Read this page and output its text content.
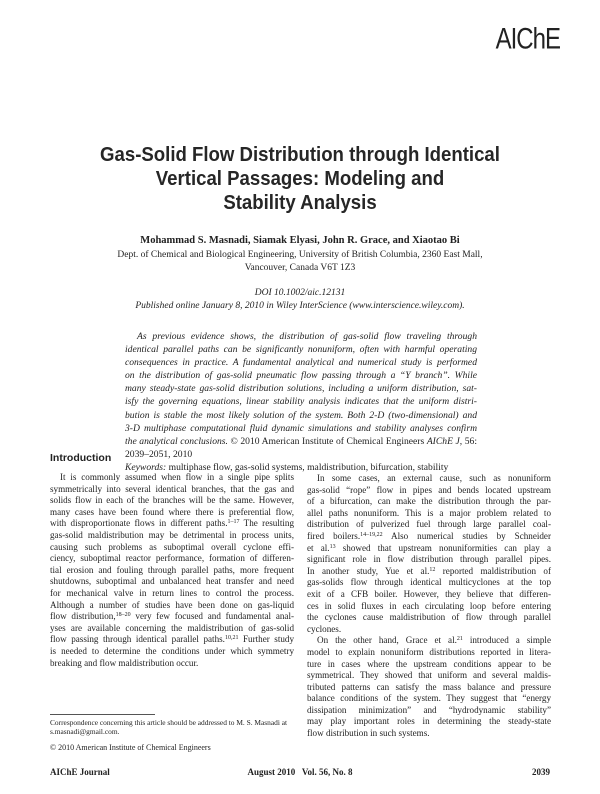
AIChE
Gas-Solid Flow Distribution through Identical
Vertical Passages: Modeling and
Stability Analysis
Mohammad S. Masnadi, Siamak Elyasi, John R. Grace, and Xiaotao Bi
Dept. of Chemical and Biological Engineering, University of British Columbia, 2360 East Mall,
Vancouver, Canada V6T 1Z3
DOI 10.1002/aic.12131
Published online January 8, 2010 in Wiley InterScience (www.interscience.wiley.com).
As previous evidence shows, the distribution of gas-solid flow traveling through
identical parallel paths can be significantly nonuniform, often with harmful operating
consequences in practice. A fundamental analytical and numerical study is performed
on the distribution of gas-solid pneumatic flow passing through a “Y branch”. While
many steady-state gas-solid distribution solutions, including a uniform distribution, sat-
isfy the governing equations, linear stability analysis indicates that the uniform distri-
bution is stable the most likely solution of the system. Both 2-D (two-dimensional) and
3-D multiphase computational fluid dynamic simulations and stability analyses confirm
the analytical conclusions. © 2010 American Institute of Chemical Engineers AIChE J, 56:
2039–2051, 2010
Keywords: multiphase flow, gas-solid systems, maldistribution, bifurcation, stability
Introduction
It is commonly assumed when flow in a single pipe splits
symmetrically into several identical branches, that the gas and
solids flow in each of the branches will be the same. However,
many cases have been found where there is preferential flow,
with disproportionate flows in different paths.$^{1-17}$ The resulting
gas-solid maldistribution may be detrimental in process units,
causing such problems as suboptimal overall cyclone effi-
ciency, suboptimal reactor performance, formation of differen-
tial erosion and fouling through parallel paths, more frequent
shutdowns, suboptimal and unbalanced heat transfer and need
for mechanical valve in return lines to control the process.
Although a number of studies have been done on gas-liquid
flow distribution,$^{18-20}$ very few focused and fundamental anal-
yses are available concerning the maldistribution of gas-solid
flow passing through identical parallel paths.$^{10,21}$ Further study
is needed to determine the conditions under which symmetry
breaking and flow maldistribution occur.
Correspondence concerning this article should be addressed to M. S. Masnadi at s.masnadi@gmail.com.
© 2010 American Institute of Chemical Engineers
In some cases, an external cause, such as nonuniform
gas-solid “rope” flow in pipes and bends located upstream
of a bifurcation, can make the distribution through the par-
allel paths nonuniform. This is a major problem related to
distribution of pulverized fuel through large parallel coal-
fired boilers.$^{14-19,22}$ Also numerical studies by Schneider
et al.$^{13}$ showed that upstream nonuniformities can play a
significant role in flow distribution through parallel pipes.
In another study, Yue et al.$^{12}$ reported maldistribution of
gas-solids flow through identical multicyclones at the top
exit of a CFB boiler. However, they believe that differen-
ces in solid fluxes in each circulating loop before entering
the cyclones cause maldistribution of flow through parallel
cyclones.
On the other hand, Grace et al.$^{21}$ introduced a simple
model to explain nonuniform distributions reported in litera-
ture in cases where the upstream conditions appear to be
symmetrical. They showed that uniform and several maldis-
tributed patterns can satisfy the mass balance and pressure
balance conditions of the system. They suggest that “energy
dissipation minimization” and “hydrodynamic stability”
may play important roles in determining the steady-state
flow distribution in such systems.
AIChE Journal	August 2010   Vol. 56, No. 8	2039
